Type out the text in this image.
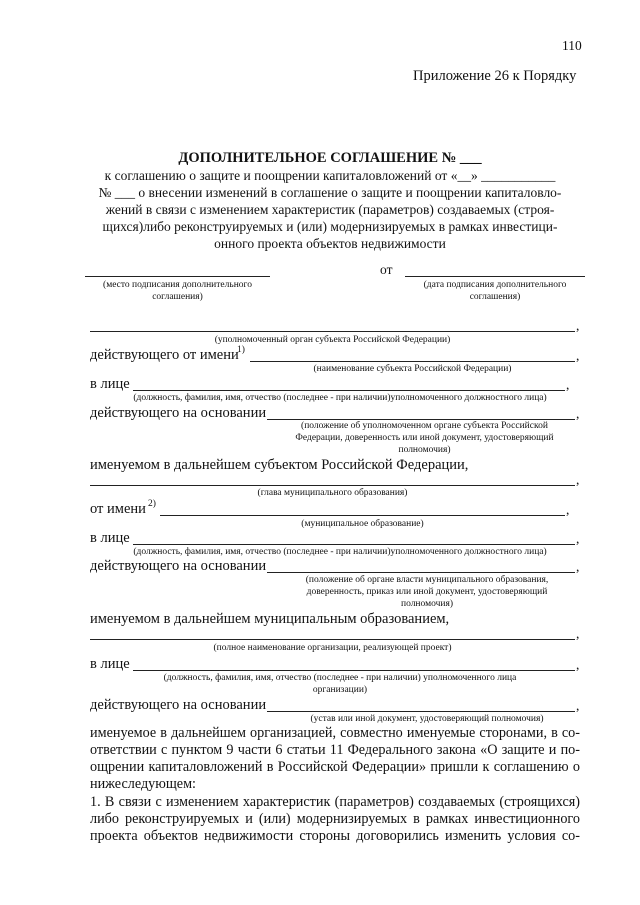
110
Приложение 26 к Порядку
ДОПОЛНИТЕЛЬНОЕ СОГЛАШЕНИЕ № ___
к соглашению о защите и поощрении капиталовложений от «__» ___________
№ ___ о внесении изменений в соглашение о защите и поощрении капиталовло-
жений в связи с изменением характеристик (параметров) создаваемых (строя-
щихся)либо реконструируемых и (или) модернизируемых в рамках инвестици-
онного проекта объектов недвижимости
от
(место подписания дополнительного
соглашения)
(дата подписания дополнительного
соглашения)
,
(уполномоченный орган субъекта Российской Федерации)
действующего от имени
1)	,
(наименование субъекта Российской Федерации)
в лице	,
(должность, фамилия, имя, отчество (последнее - при наличии)уполномоченного должностного лица)
действующего на основании	,
(положение об уполномоченном органе субъекта Российской
Федерации, доверенность или иной документ, удостоверяющий
полномочия)
именуемом в дальнейшем субъектом Российской Федерации,
,
(глава муниципального образования)
от имени 2)	,
(муниципальное образование)
в лице	,
(должность, фамилия, имя, отчество (последнее - при наличии)уполномоченного должностного лица)
действующего на основании	,
(положение об органе власти муниципального образования,
доверенность, приказ или иной документ, удостоверяющий
полномочия)
именуемом в дальнейшем муниципальным образованием,
,
(полное наименование организации, реализующей проект)
в лице	,
(должность, фамилия, имя, отчество (последнее - при наличии) уполномоченного лица
организации)
действующего на основании	,
(устав или иной документ, удостоверяющий полномочия)
именуемое в дальнейшем организацией, совместно именуемые сторонами, в со-
ответствии с пунктом 9 части 6 статьи 11 Федерального закона «О защите и по-
ощрении капиталовложений в Российской Федерации» пришли к соглашению о
нижеследующем:
1. В связи с изменением характеристик (параметров) создаваемых (строящихся)
либо реконструируемых и (или) модернизируемых в рамках инвестиционного
проекта объектов недвижимости стороны договорились изменить условия со-
